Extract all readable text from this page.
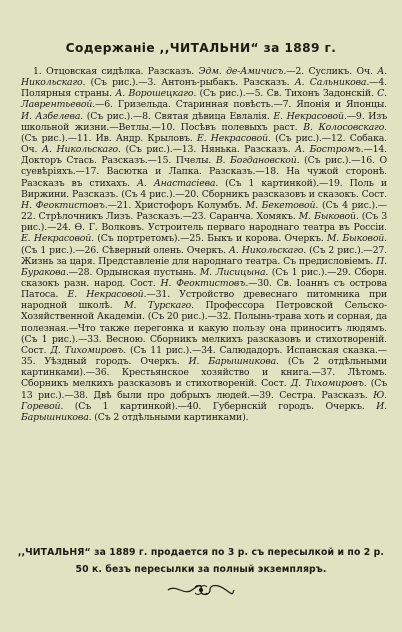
Содержаніе ,,ЧИТАЛЬНИ“ за 1889 г.

1. Отцовская сидѣлка. Разсказъ. Эдм. де-Амичисъ.—2. Сусликъ. Оч. А. Никольскаго. (Съ рис.).—3. Антонъ-рыбакъ. Разсказъ. А. Сальниковa.—4. Полярныя страны. А. Ворошецкаго. (Съ рис.).—5. Св. Тихонъ Задонскій. С. Лаврентьевой.—6. Гризельда. Старинная повѣсть.—7. Японія и Японцы. И. Азбелева. (Съ рис.).—8. Святая дѣвица Евлалія. Е. Некрасовой.—9. Изъ школьной жизни.—Ветлы.—10. Посѣвъ полевыхъ раст. В. Колосовскаго. (Съ рис.).—11. Ив. Андр. Крыловъ. Е. Некрасовой. (Съ рис.).—12. Собака. Оч. А. Никольскаго. (Съ рис.).—13. Нянька. Разсказъ. А. Бостромъ.—14. Докторъ Стась. Разсказъ.—15. Пчелы. В. Богдановской. (Съ рис.).—16. О суевѣріяхъ.—17. Васютка и Лапка. Разсказъ.—18. На чужой сторонѣ. Разсказъ въ стихахъ. А. Анастасіева. (Съ 1 картинкой).—19. Поль и Виржини. Разсказъ. (Съ 4 рис.).—20. Сборникъ разсказовъ и сказокъ. Сост. Н. Феоктистовъ.—21. Христофоръ Колумбъ. М. Бекетовой. (Съ 4 рис.).—22. Стрѣлочникъ Лизъ. Разсказъ.—23. Саранча. Хомякъ. М. Быковой. (Съ 3 рис.).—24. Ѳ. Г. Волковъ. Устроитель перваго народнаго театра въ Россіи. Е. Некрасовой. (Съ портретомъ).—25. Быкъ и корова. Очеркъ. М. Быковой. (Съ 1 рис.).—26. Сѣверный олень. Очеркъ. А. Никольскаго. (Съ 2 рис.).—27. Жизнь за царя. Представленіе для народнаго театра. Съ предисловіемъ. П. Буракова.—28. Ордынская пустынь. М. Лисицына. (Съ 1 рис.).—29. Сборн. сказокъ разн. народ. Сост. Н. Феоктистовъ.—30. Св. Іоаннъ съ острова Патоса. Е. Некрасовой.—31. Устройство древеснаго питомника при народной школѣ. М. Турскаго. Профессора Петровской Сельско-Хозяйственной Академіи. (Съ 20 рис.).—32. Полынь-трава хоть и сорная, да полезная.—Что также перегонка и какую пользу она приноситъ людямъ. (Съ 1 рис.).—33. Весною. Сборникъ мелкихъ разсказовъ и стихотвореній. Сост. Д. Тихомировъ. (Съ 11 рис.).—34. Салюдадоръ. Испанская сказка.—35. Уѣздный городъ. Очеркъ. И. Барышникова. (Съ 2 отдѣльными картинками).—36. Крестьянское хозяйство и книга.—37. Лѣтомъ. Сборникъ мелкихъ разсказовъ и стихотвореній. Сост. Д. Тихомировъ. (Съ 13 рис.).—38. Двѣ были про добрыхъ людей.—39. Сестра. Разсказъ. Ю. Горевой. (Съ 1 картинкой).—40. Губернскій городъ. Очеркъ. И. Барышникова. (Съ 2 отдѣльными картинками).

,,ЧИТАЛЬНЯ“ за 1889 г. продается по 3 р. съ пересылкой и по 2 р.
50 к. безъ пересылки за полный экземпляръ.
